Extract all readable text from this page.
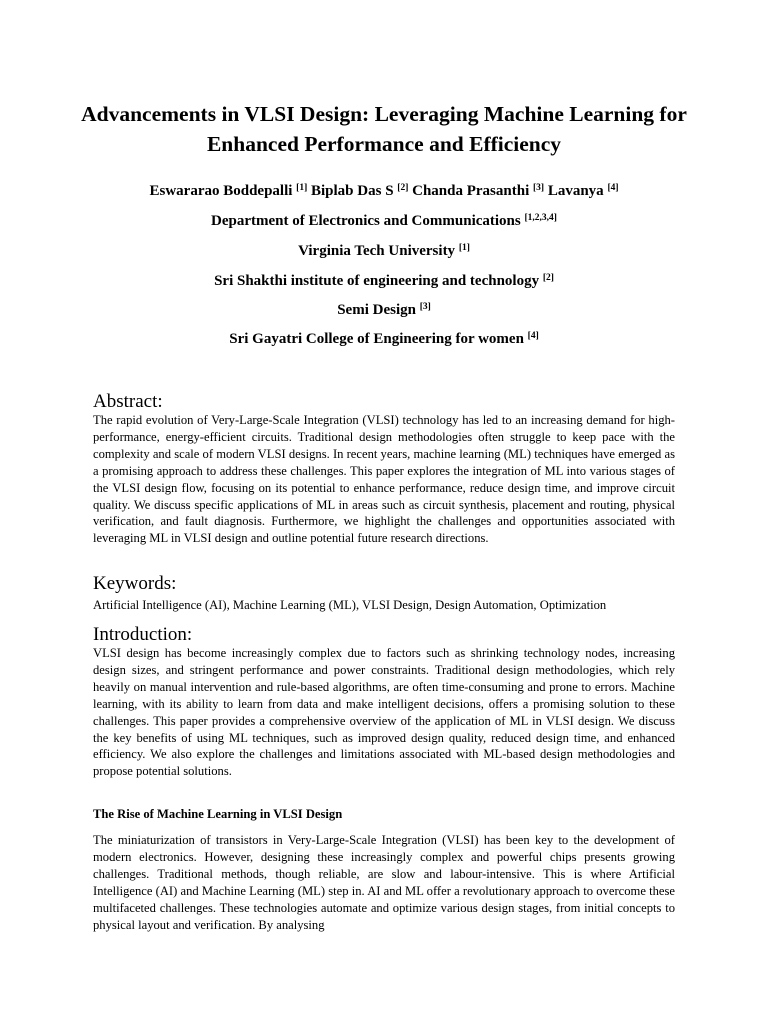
Advancements in VLSI Design: Leveraging Machine Learning for Enhanced Performance and Efficiency
Eswararao Boddepalli [1] Biplab Das S [2] Chanda Prasanthi [3] Lavanya [4]
Department of Electronics and Communications [1,2,3,4]
Virginia Tech University [1]
Sri Shakthi institute of engineering and technology [2]
Semi Design [3]
Sri Gayatri College of Engineering for women [4]
Abstract:
The rapid evolution of Very-Large-Scale Integration (VLSI) technology has led to an increasing demand for high-performance, energy-efficient circuits. Traditional design methodologies often struggle to keep pace with the complexity and scale of modern VLSI designs. In recent years, machine learning (ML) techniques have emerged as a promising approach to address these challenges. This paper explores the integration of ML into various stages of the VLSI design flow, focusing on its potential to enhance performance, reduce design time, and improve circuit quality. We discuss specific applications of ML in areas such as circuit synthesis, placement and routing, physical verification, and fault diagnosis. Furthermore, we highlight the challenges and opportunities associated with leveraging ML in VLSI design and outline potential future research directions.
Keywords:
Artificial Intelligence (AI), Machine Learning (ML), VLSI Design, Design Automation, Optimization
Introduction:
VLSI design has become increasingly complex due to factors such as shrinking technology nodes, increasing design sizes, and stringent performance and power constraints. Traditional design methodologies, which rely heavily on manual intervention and rule-based algorithms, are often time-consuming and prone to errors. Machine learning, with its ability to learn from data and make intelligent decisions, offers a promising solution to these challenges. This paper provides a comprehensive overview of the application of ML in VLSI design. We discuss the key benefits of using ML techniques, such as improved design quality, reduced design time, and enhanced efficiency. We also explore the challenges and limitations associated with ML-based design methodologies and propose potential solutions.
The Rise of Machine Learning in VLSI Design
The miniaturization of transistors in Very-Large-Scale Integration (VLSI) has been key to the development of modern electronics. However, designing these increasingly complex and powerful chips presents growing challenges. Traditional methods, though reliable, are slow and labour-intensive. This is where Artificial Intelligence (AI) and Machine Learning (ML) step in. AI and ML offer a revolutionary approach to overcome these multifaceted challenges. These technologies automate and optimize various design stages, from initial concepts to physical layout and verification. By analysing
